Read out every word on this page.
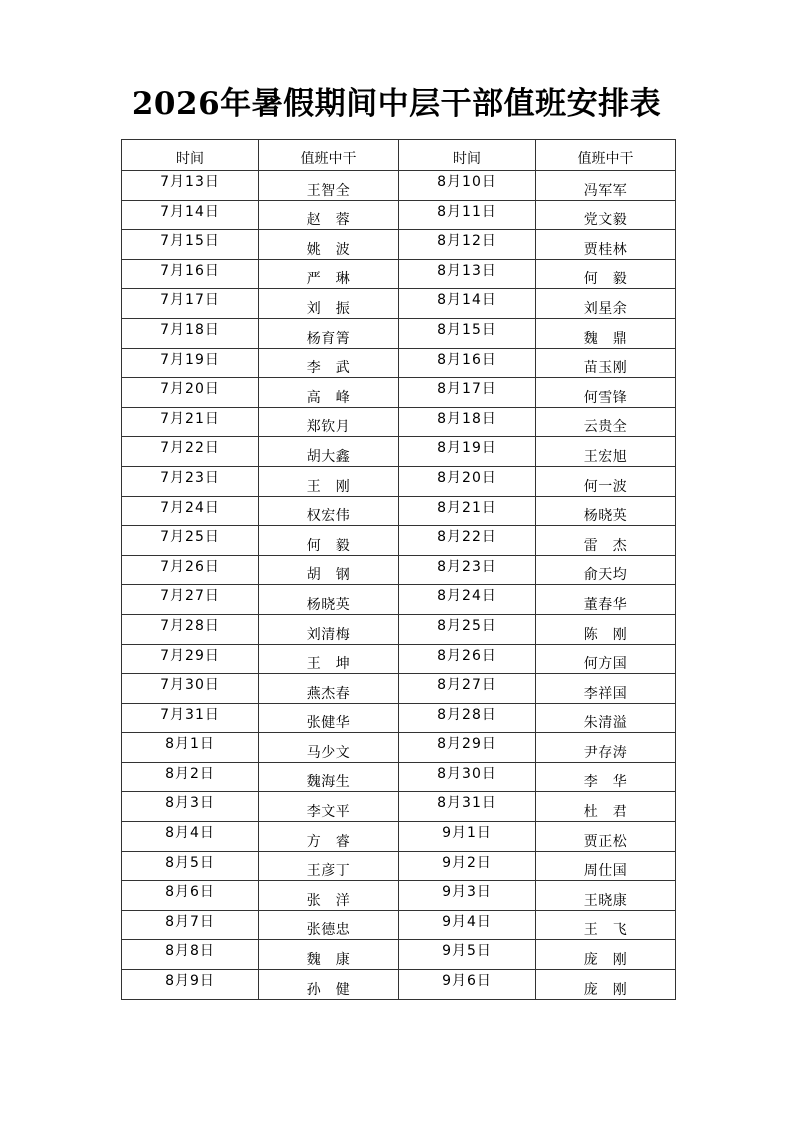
2026年暑假期间中层干部值班安排表
时间	值班中干	时间	值班中干
7月13日	王智全	8月10日	冯军军
7月14日	赵　蓉	8月11日	党文毅
7月15日	姚　波	8月12日	贾桂林
7月16日	严　琳	8月13日	何　毅
7月17日	刘　振	8月14日	刘星余
7月18日	杨育箐	8月15日	魏　鼎
7月19日	李　武	8月16日	苗玉刚
7月20日	高　峰	8月17日	何雪锋
7月21日	郑钦月	8月18日	云贵全
7月22日	胡大鑫	8月19日	王宏旭
7月23日	王　刚	8月20日	何一波
7月24日	权宏伟	8月21日	杨晓英
7月25日	何　毅	8月22日	雷　杰
7月26日	胡　钢	8月23日	俞天均
7月27日	杨晓英	8月24日	董春华
7月28日	刘清梅	8月25日	陈　刚
7月29日	王　坤	8月26日	何方国
7月30日	燕杰春	8月27日	李祥国
7月31日	张健华	8月28日	朱清溢
8月1日	马少文	8月29日	尹存涛
8月2日	魏海生	8月30日	李　华
8月3日	李文平	8月31日	杜　君
8月4日	方　睿	9月1日	贾正松
8月5日	王彦丁	9月2日	周仕国
8月6日	张　洋	9月3日	王晓康
8月7日	张德忠	9月4日	王　飞
8月8日	魏　康	9月5日	庞　刚
8月9日	孙　健	9月6日	庞　刚
